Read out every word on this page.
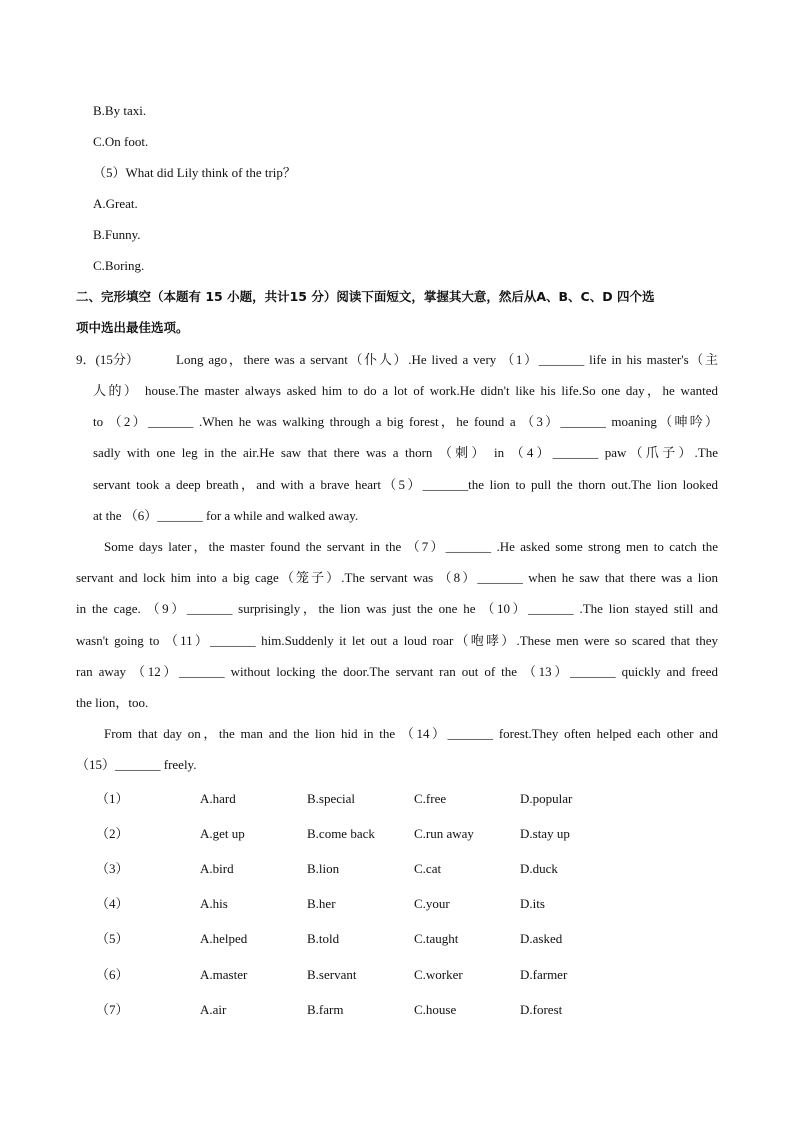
B.By taxi.
C.On foot.
（5）What did Lily think of the trip？
A.Great.
B.Funny.
C.Boring.
二、完形填空（本题有 15 小题，共计15 分）阅读下面短文，掌握其大意，然后从A、B、C、D 四个选
项中选出最佳选项。
9．(15分）	Long ago，there was a servant（仆人）.He lived a very （1）_______ life in his master's（主
人的） house.The master always asked him to do a lot of work.He didn't like his life.So one day，he wanted
to （2）_______ .When he was walking through a big forest，he found a （3）_______ moaning（呻吟）
sadly with one leg in the air.He saw that there was a thorn （刺） in （4）_______ paw（爪子）.The
servant took a deep breath，and with a brave heart（5）_______the lion to pull the thorn out.The lion looked
at the （6）_______ for a while and walked away.
Some days later，the master found the servant in the （7）_______ .He asked some strong men to catch the
servant and lock him into a big cage（笼子）.The servant was （8）_______ when he saw that there was a lion
in the cage. （9）_______ surprisingly，the lion was just the one he （10）_______ .The lion stayed still and
wasn't going to （11）_______ him.Suddenly it let out a loud roar（咆哮）.These men were so scared that they
ran away （12）_______ without locking the door.The servant ran out of the （13）_______ quickly and freed
the lion，too.
From that day on，the man and the lion hid in the （14）_______ forest.They often helped each other and
（15）_______ freely.
（1）	A.hard	B.special	C.free	D.popular
（2）	A.get up	B.come back	C.run away	D.stay up
（3）	A.bird	B.lion	C.cat	D.duck
（4）	A.his	B.her	C.your	D.its
（5）	A.helped	B.told	C.taught	D.asked
（6）	A.master	B.servant	C.worker	D.farmer
（7）	A.air	B.farm	C.house	D.forest
